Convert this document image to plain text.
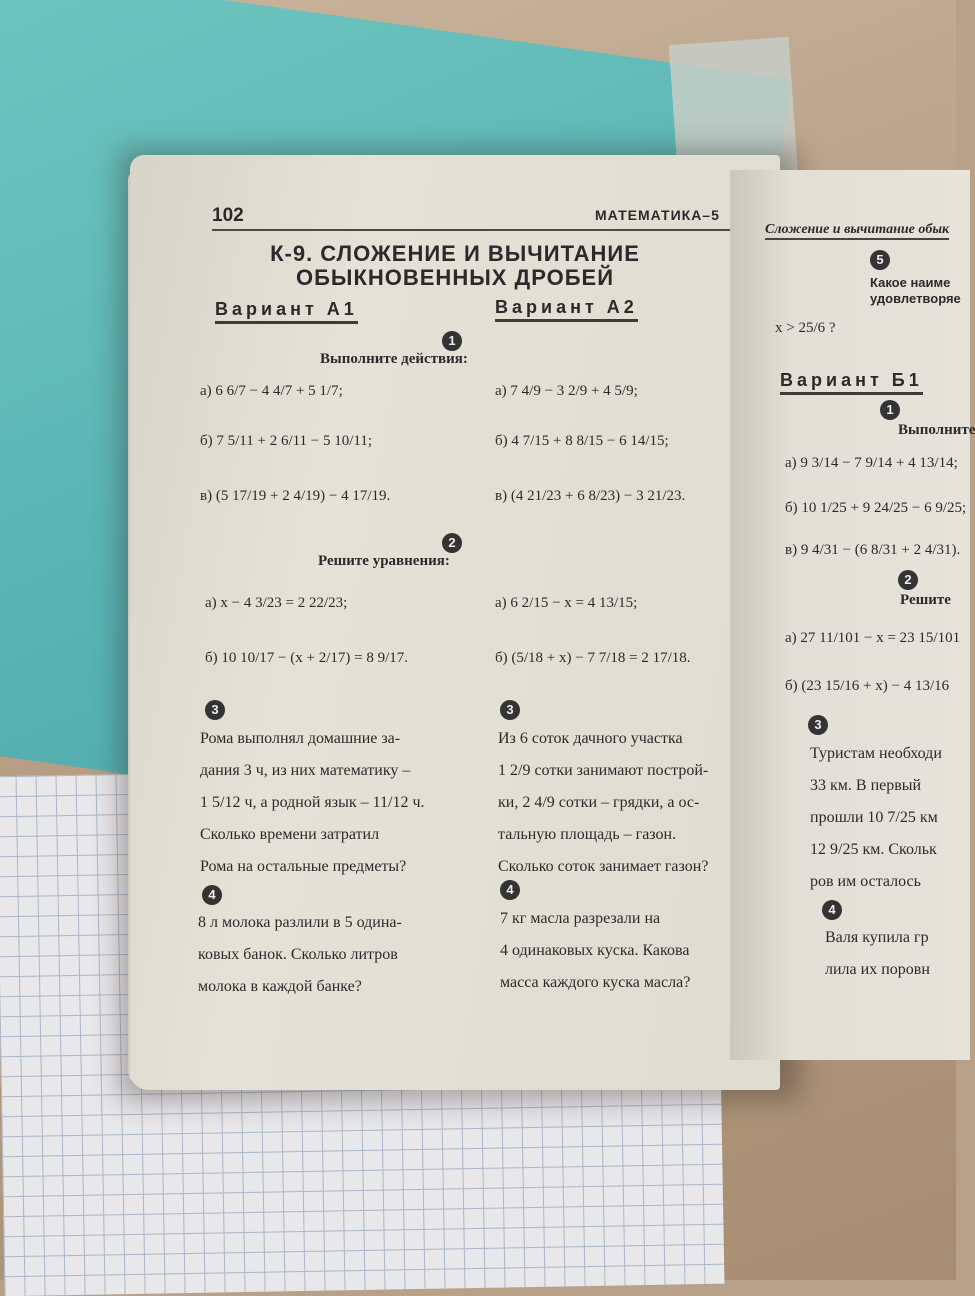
102	МАТЕМАТИКА–5
К-9. СЛОЖЕНИЕ И ВЫЧИТАНИЕ
ОБЫКНОВЕННЫХ ДРОБЕЙ
Вариант А1	Вариант А2
1
Выполните действия:
а) 6 6/7 − 4 4/7 + 5 1/7;
б) 7 5/11 + 2 6/11 − 5 10/11;
в) (5 17/19 + 2 4/19) − 4 17/19.
а) 7 4/9 − 3 2/9 + 4 5/9;
б) 4 7/15 + 8 8/15 − 6 14/15;
в) (4 21/23 + 6 8/23) − 3 21/23.
2
Решите уравнения:
а) x − 4 3/23 = 2 22/23;
б) 10 10/17 − (x + 2/17) = 8 9/17.
а) 6 2/15 − x = 4 13/15;
б) (5/18 + x) − 7 7/18 = 2 17/18.
3	3
Рома выполнял домашние за-
дания 3 ч, из них математику –
1 5/12 ч, а родной язык – 11/12 ч.
Сколько времени затратил
Рома на остальные предметы?
Из 6 соток дачного участка
1 2/9 сотки занимают построй-
ки, 2 4/9 сотки – грядки, а ос-
тальную площадь – газон.
Сколько соток занимает газон?
4	4
8 л молока разлили в 5 одина-
ковых банок. Сколько литров
молока в каждой банке?
7 кг масла разрезали на
4 одинаковых куска. Какова
масса каждого куска масла?
Сложение и вычитание обык
5
Какое наиме
удовлетворяе
x > 25/6 ?
Вариант Б1
1
Выполните
а) 9 3/14 − 7 9/14 + 4 13/14;
б) 10 1/25 + 9 24/25 − 6 9/25;
в) 9 4/31 − (6 8/31 + 2 4/31).
2
Решите
а) 27 11/101 − x = 23 15/101
б) (23 15/16 + x) − 4 13/16
3
Туристам необходи
33 км. В первый
прошли 10 7/25 км
12 9/25 км. Скольк
ров им осталось
4
Валя купила гр
лила их поровн
